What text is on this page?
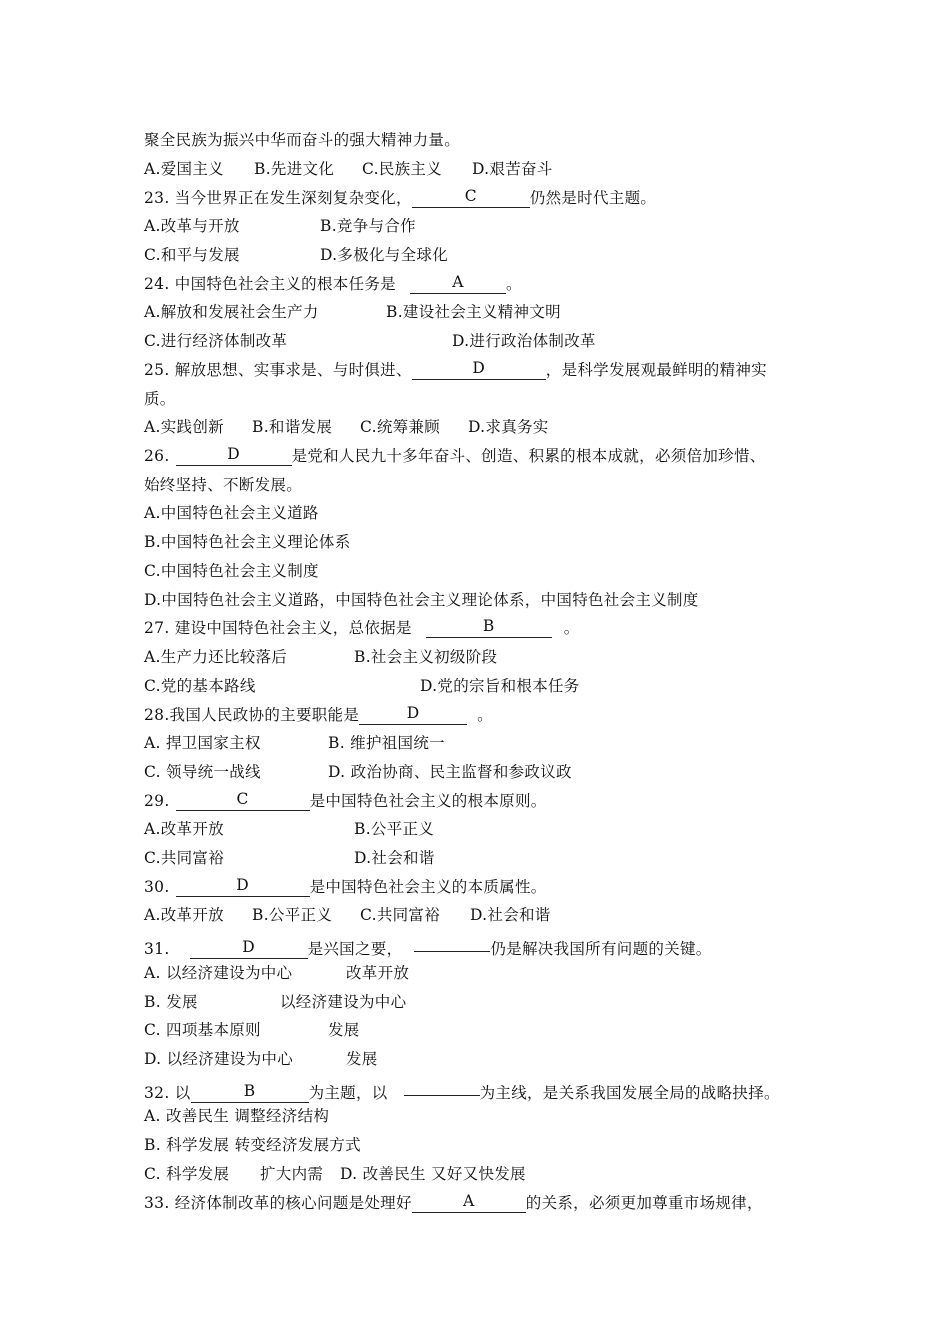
聚全民族为振兴中华而奋斗的强大精神力量。
A.爱国主义 B.先进文化 C.民族主义 D.艰苦奋斗
23. 当今世界正在发生深刻复杂变化，	C	仍然是时代主题。
A.改革与开放	B.竞争与合作
C.和平与发展	D.多极化与全球化
24. 中国特色社会主义的根本任务是	A	。
A.解放和发展社会生产力	B.建设社会主义精神文明
C.进行经济体制改革	D.进行政治体制改革
25. 解放思想、实事求是、与时俱进、	D	，是科学发展观最鲜明的精神实
质。
A.实践创新 B.和谐发展 C.统筹兼顾 D.求真务实
26.	D	是党和人民九十多年奋斗、创造、积累的根本成就，必须倍加珍惜、
始终坚持、不断发展。
A.中国特色社会主义道路
B.中国特色社会主义理论体系
C.中国特色社会主义制度
D.中国特色社会主义道路，中国特色社会主义理论体系，中国特色社会主义制度
27. 建设中国特色社会主义，总依据是	B	。
A.生产力还比较落后	B.社会主义初级阶段
C.党的基本路线	D.党的宗旨和根本任务
28.我国人民政协的主要职能是	D	。
A. 捍卫国家主权	B. 维护祖国统一
C. 领导统一战线	D. 政治协商、民主监督和参政议政
29.	C	是中国特色社会主义的根本原则。
A.改革开放	B.公平正义
C.共同富裕	D.社会和谐
30.	D	是中国特色社会主义的本质属性。
A.改革开放 B.公平正义 C.共同富裕 D.社会和谐
31.	D	是兴国之要，	仍是解决我国所有问题的关键。
A. 以经济建设为中心	改革开放
B. 发展	以经济建设为中心
C. 四项基本原则	发展
D. 以经济建设为中心	发展
32. 以	B	为主题，以	为主线，是关系我国发展全局的战略抉择。
A. 改善民生 调整经济结构
B. 科学发展 转变经济发展方式
C. 科学发展 扩大内需 D. 改善民生 又好又快发展
33. 经济体制改革的核心问题是处理好	A	的关系，必须更加尊重市场规律，
